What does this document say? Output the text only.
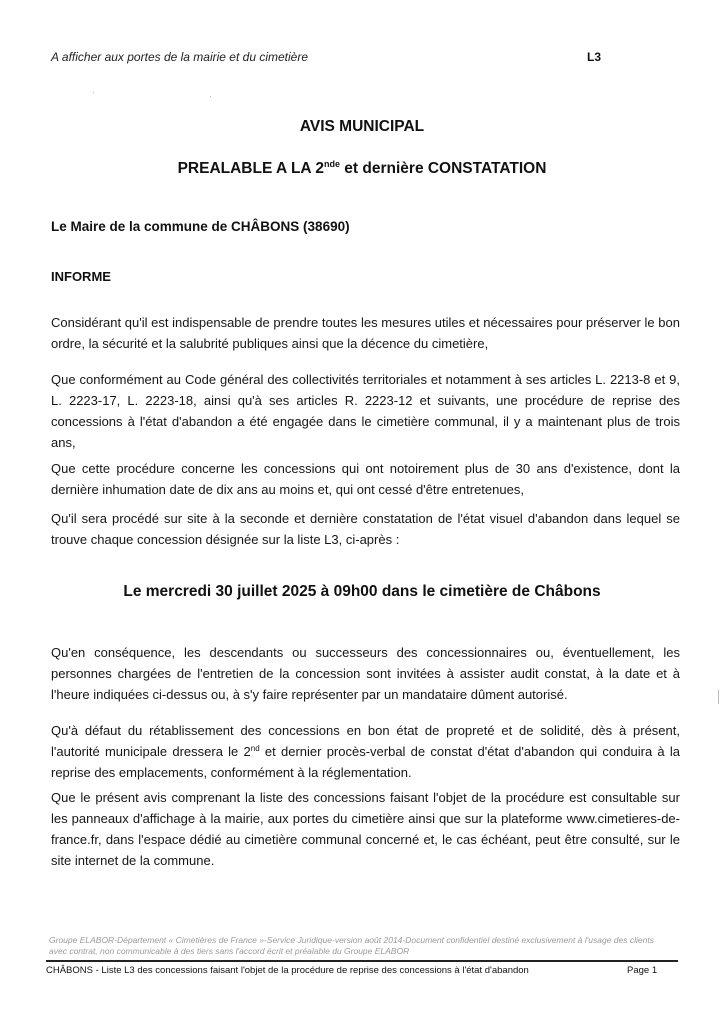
A afficher aux portes de la mairie et du cimetière	L3
AVIS MUNICIPAL
PREALABLE A LA 2nde et dernière CONSTATATION
Le Maire de la commune de CHÂBONS (38690)
INFORME
Considérant qu'il est indispensable de prendre toutes les mesures utiles et nécessaires pour préserver le bon ordre, la sécurité et la salubrité publiques ainsi que la décence du cimetière,
Que conformément au Code général des collectivités territoriales et notamment à ses articles L. 2213-8 et 9, L. 2223-17, L. 2223-18, ainsi qu'à ses articles R. 2223-12 et suivants, une procédure de reprise des concessions à l'état d'abandon a été engagée dans le cimetière communal, il y a maintenant plus de trois ans,
Que cette procédure concerne les concessions qui ont notoirement plus de 30 ans d'existence, dont la dernière inhumation date de dix ans au moins et, qui ont cessé d'être entretenues,
Qu'il sera procédé sur site à la seconde et dernière constatation de l'état visuel d'abandon dans lequel se trouve chaque concession désignée sur la liste L3, ci-après :
Le mercredi 30 juillet 2025 à 09h00 dans le cimetière de Châbons
Qu'en conséquence, les descendants ou successeurs des concessionnaires ou, éventuellement, les personnes chargées de l'entretien de la concession sont invitées à assister audit constat, à la date et à l'heure indiquées ci-dessus ou, à s'y faire représenter par un mandataire dûment autorisé.
Qu'à défaut du rétablissement des concessions en bon état de propreté et de solidité, dès à présent, l'autorité municipale dressera le 2nd et dernier procès-verbal de constat d'état d'abandon qui conduira à la reprise des emplacements, conformément à la réglementation.
Que le présent avis comprenant la liste des concessions faisant l'objet de la procédure est consultable sur les panneaux d'affichage à la mairie, aux portes du cimetière ainsi que sur la plateforme www.cimetieres-de-france.fr, dans l'espace dédié au cimetière communal concerné et, le cas échéant, peut être consulté, sur le site internet de la commune.
Groupe ELABOR-Département « Cimetières de France »-Service Juridique-version août 2014-Document confidentiel destiné exclusivement à l'usage des clients avec contrat, non communicable à des tiers sans l'accord écrit et préalable du Groupe ELABOR
CHÂBONS - Liste L3 des concessions faisant l'objet de la procédure de reprise des concessions à l'état d'abandon	Page 1
